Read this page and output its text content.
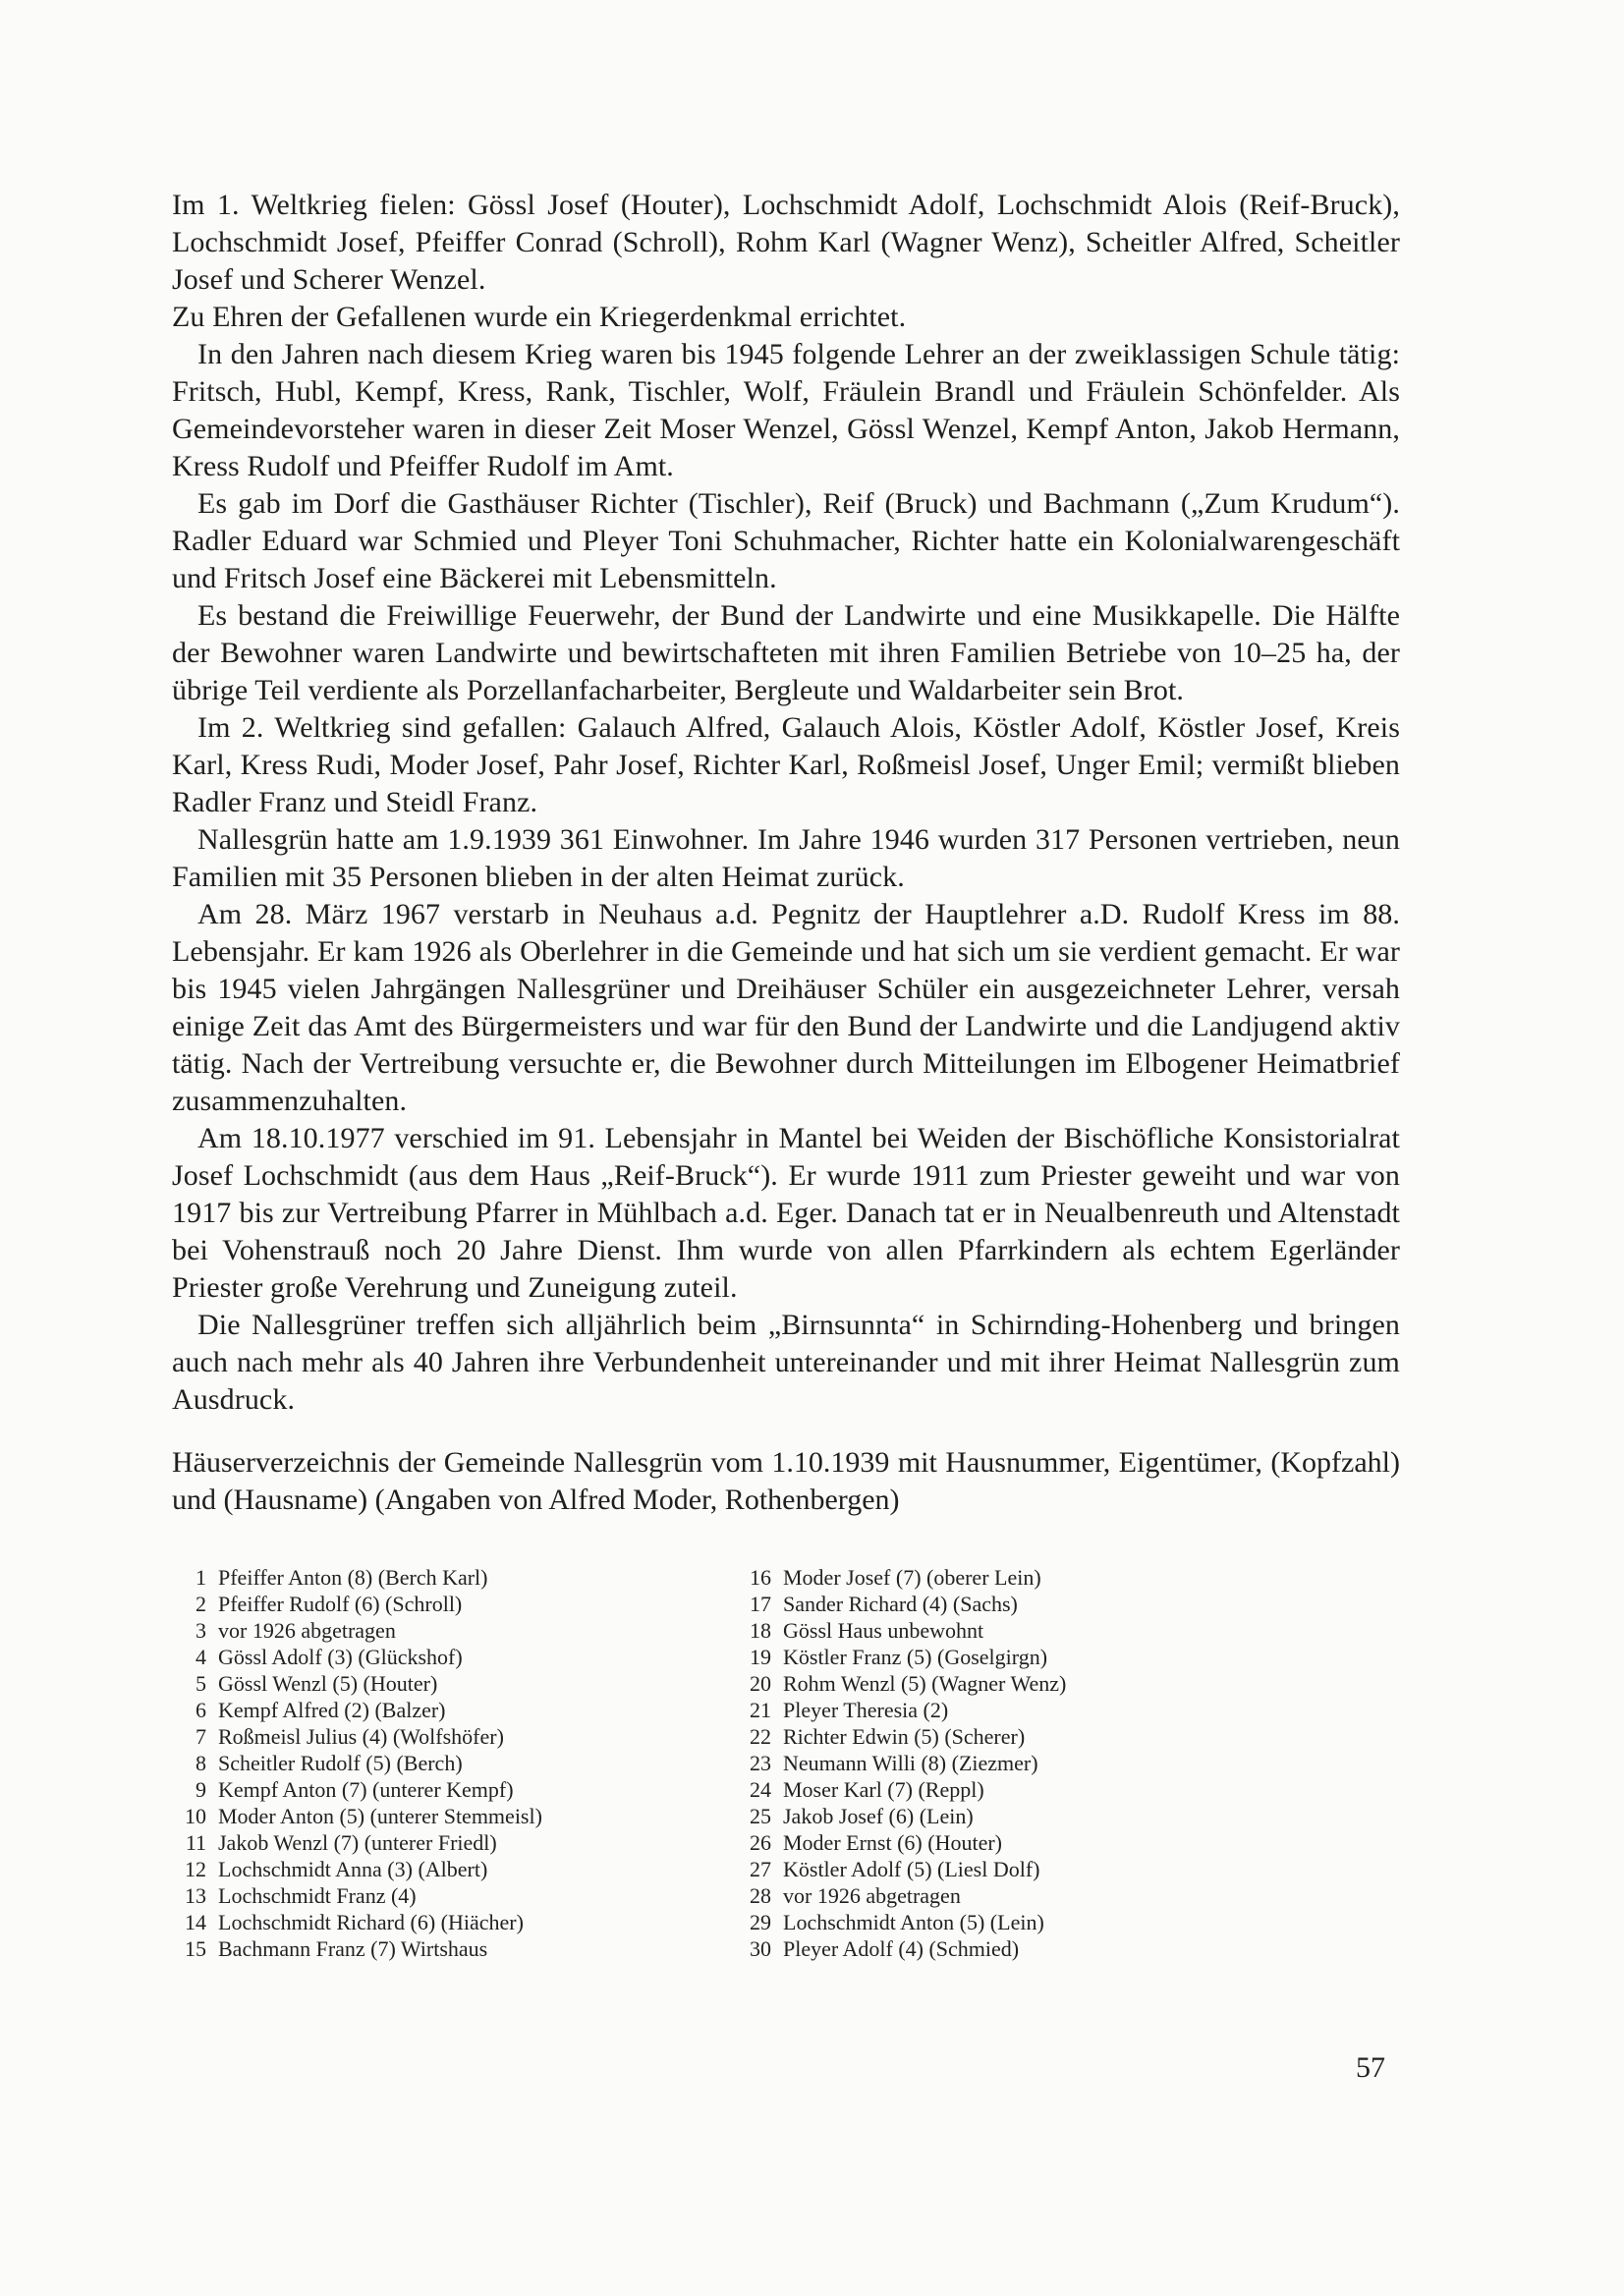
Im 1. Weltkrieg fielen: Gössl Josef (Houter), Lochschmidt Adolf, Lochschmidt Alois (Reif-Bruck), Lochschmidt Josef, Pfeiffer Conrad (Schroll), Rohm Karl (Wagner Wenz), Scheitler Alfred, Scheitler Josef und Scherer Wenzel.

Zu Ehren der Gefallenen wurde ein Kriegerdenkmal errichtet.

In den Jahren nach diesem Krieg waren bis 1945 folgende Lehrer an der zweiklassigen Schule tätig: Fritsch, Hubl, Kempf, Kress, Rank, Tischler, Wolf, Fräulein Brandl und Fräulein Schönfelder. Als Gemeindevorsteher waren in dieser Zeit Moser Wenzel, Gössl Wenzel, Kempf Anton, Jakob Hermann, Kress Rudolf und Pfeiffer Rudolf im Amt.

Es gab im Dorf die Gasthäuser Richter (Tischler), Reif (Bruck) und Bachmann („Zum Krudum“). Radler Eduard war Schmied und Pleyer Toni Schuhmacher, Richter hatte ein Kolonialwarengeschäft und Fritsch Josef eine Bäckerei mit Lebensmitteln.

Es bestand die Freiwillige Feuerwehr, der Bund der Landwirte und eine Musikkapelle. Die Hälfte der Bewohner waren Landwirte und bewirtschafteten mit ihren Familien Betriebe von 10–25 ha, der übrige Teil verdiente als Porzellanfacharbeiter, Bergleute und Waldarbeiter sein Brot.

Im 2. Weltkrieg sind gefallen: Galauch Alfred, Galauch Alois, Köstler Adolf, Köstler Josef, Kreis Karl, Kress Rudi, Moder Josef, Pahr Josef, Richter Karl, Roßmeisl Josef, Unger Emil; vermißt blieben Radler Franz und Steidl Franz.

Nallesgrün hatte am 1.9.1939 361 Einwohner. Im Jahre 1946 wurden 317 Personen vertrieben, neun Familien mit 35 Personen blieben in der alten Heimat zurück.

Am 28. März 1967 verstarb in Neuhaus a.d. Pegnitz der Hauptlehrer a.D. Rudolf Kress im 88. Lebensjahr. Er kam 1926 als Oberlehrer in die Gemeinde und hat sich um sie verdient gemacht. Er war bis 1945 vielen Jahrgängen Nallesgrüner und Dreihäuser Schüler ein ausgezeichneter Lehrer, versah einige Zeit das Amt des Bürgermeisters und war für den Bund der Landwirte und die Landjugend aktiv tätig. Nach der Vertreibung versuchte er, die Bewohner durch Mitteilungen im Elbogener Heimatbrief zusammenzuhalten.

Am 18.10.1977 verschied im 91. Lebensjahr in Mantel bei Weiden der Bischöfliche Konsistorialrat Josef Lochschmidt (aus dem Haus „Reif-Bruck“). Er wurde 1911 zum Priester geweiht und war von 1917 bis zur Vertreibung Pfarrer in Mühlbach a.d. Eger. Danach tat er in Neualbenreuth und Altenstadt bei Vohenstrauß noch 20 Jahre Dienst. Ihm wurde von allen Pfarrkindern als echtem Egerländer Priester große Verehrung und Zuneigung zuteil.

Die Nallesgrüner treffen sich alljährlich beim „Birnsunnta“ in Schirnding-Hohenberg und bringen auch nach mehr als 40 Jahren ihre Verbundenheit untereinander und mit ihrer Heimat Nallesgrün zum Ausdruck.

Häuserverzeichnis der Gemeinde Nallesgrün vom 1.10.1939 mit Hausnummer, Eigentümer, (Kopfzahl) und (Hausname) (Angaben von Alfred Moder, Rothenbergen)

1 Pfeiffer Anton (8) (Berch Karl)
2 Pfeiffer Rudolf (6) (Schroll)
3 vor 1926 abgetragen
4 Gössl Adolf (3) (Glückshof)
5 Gössl Wenzl (5) (Houter)
6 Kempf Alfred (2) (Balzer)
7 Roßmeisl Julius (4) (Wolfshöfer)
8 Scheitler Rudolf (5) (Berch)
9 Kempf Anton (7) (unterer Kempf)
10 Moder Anton (5) (unterer Stemmeisl)
11 Jakob Wenzl (7) (unterer Friedl)
12 Lochschmidt Anna (3) (Albert)
13 Lochschmidt Franz (4)
14 Lochschmidt Richard (6) (Hiächer)
15 Bachmann Franz (7) Wirtshaus
16 Moder Josef (7) (oberer Lein)
17 Sander Richard (4) (Sachs)
18 Gössl Haus unbewohnt
19 Köstler Franz (5) (Goselgirgn)
20 Rohm Wenzl (5) (Wagner Wenz)
21 Pleyer Theresia (2)
22 Richter Edwin (5) (Scherer)
23 Neumann Willi (8) (Ziezmer)
24 Moser Karl (7) (Reppl)
25 Jakob Josef (6) (Lein)
26 Moder Ernst (6) (Houter)
27 Köstler Adolf (5) (Liesl Dolf)
28 vor 1926 abgetragen
29 Lochschmidt Anton (5) (Lein)
30 Pleyer Adolf (4) (Schmied)
57
